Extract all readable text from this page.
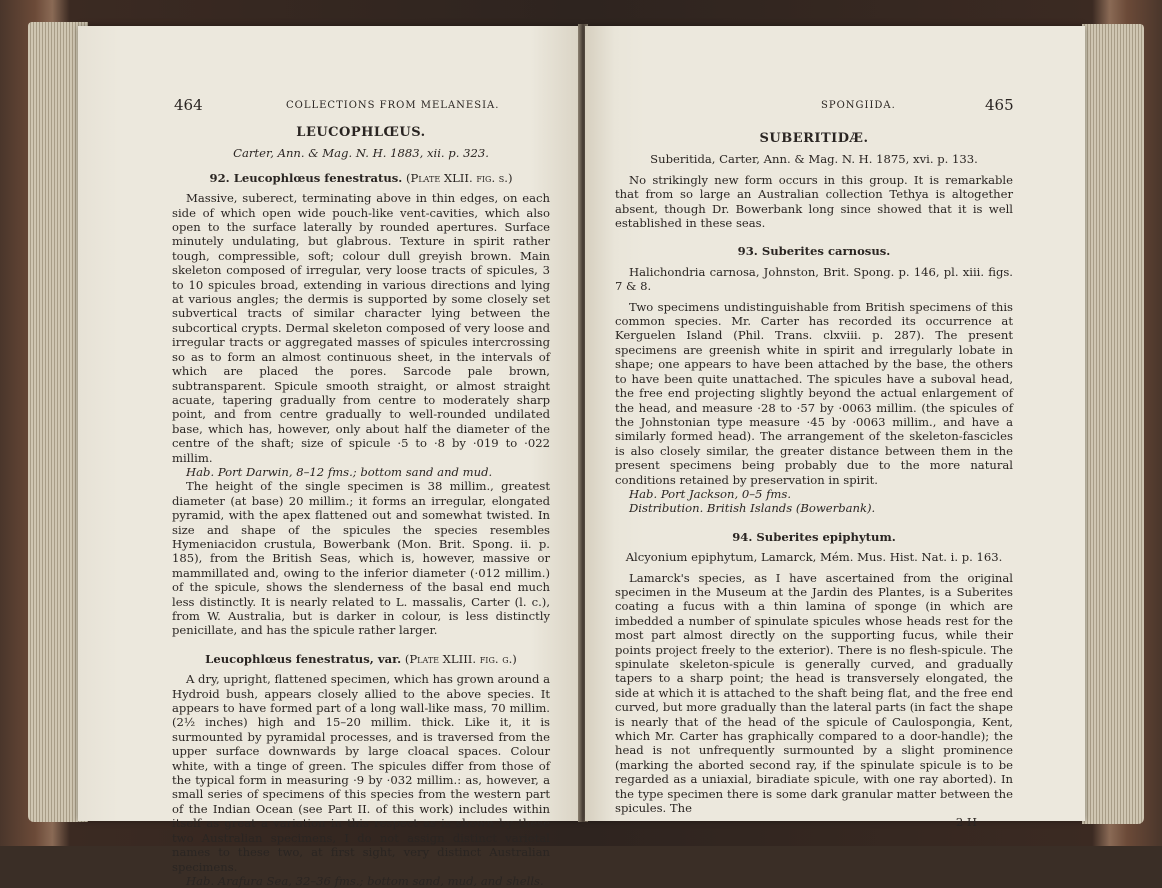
464	COLLECTIONS FROM MELANESIA.
LEUCOPHLŒUS.

Carter, Ann. & Mag. N. H. 1883, xii. p. 323.

92. Leucophlœus fenestratus. (Plate XLII. fig. s.)

Massive, suberect, terminating above in thin edges, on each side of which open wide pouch-like vent-cavities, which also open to the surface laterally by rounded apertures. Surface minutely undulating, but glabrous. Texture in spirit rather tough, compressible, soft; colour dull greyish brown. Main skeleton composed of irregular, very loose tracts of spicules, 3 to 10 spicules broad, extending in various directions and lying at various angles; the dermis is supported by some closely set subvertical tracts of similar character lying between the subcortical crypts. Dermal skeleton composed of very loose and irregular tracts or aggregated masses of spicules intercrossing so as to form an almost continuous sheet, in the intervals of which are placed the pores. Sarcode pale brown, subtransparent. Spicule smooth straight, or almost straight acuate, tapering gradually from centre to moderately sharp point, and from centre gradually to well-rounded undilated base, which has, however, only about half the diameter of the centre of the shaft; size of spicule ·5 to ·8 by ·019 to ·022 millim.

Hab. Port Darwin, 8–12 fms.; bottom sand and mud.

The height of the single specimen is 38 millim., greatest diameter (at base) 20 millim.; it forms an irregular, elongated pyramid, with the apex flattened out and somewhat twisted. In size and shape of the spicules the species resembles Hymeniacidon crustula, Bowerbank (Mon. Brit. Spong. ii. p. 185), from the British Seas, which is, however, massive or mammillated and, owing to the inferior diameter (·012 millim.) of the spicule, shows the slenderness of the basal end much less distinctly. It is nearly related to L. massalis, Carter (l. c.), from W. Australia, but is darker in colour, is less distinctly penicillate, and has the spicule rather larger.

Leucophlœus fenestratus, var. (Plate XLIII. fig. g.)

A dry, upright, flattened specimen, which has grown around a Hydroid bush, appears closely allied to the above species. It appears to have formed part of a long wall-like mass, 70 millim. (2½ inches) high and 15–20 millim. thick. Like it, it is surmounted by pyramidal processes, and is traversed from the upper surface downwards by large cloacal spaces. Colour white, with a tinge of green. The spicules differ from those of the typical form in measuring ·9 by ·032 millim.: as, however, a small series of specimens of this species from the western part of the Indian Ocean (see Part II. of this work) includes within itself as great a variation in this respect as is shown by these two Australian specimens, I do not assign distinct varietal names to these two, at first sight, very distinct Australian specimens.

Hab. Arafura Sea, 32–36 fms.; bottom sand, mud, and shells.

SPONGIIDA.	465
SUBERITIDÆ.

Suberitida, Carter, Ann. & Mag. N. H. 1875, xvi. p. 133.

No strikingly new form occurs in this group. It is remarkable that from so large an Australian collection Tethya is altogether absent, though Dr. Bowerbank long since showed that it is well established in these seas.

93. Suberites carnosus.

Halichondria carnosa, Johnston, Brit. Spong. p. 146, pl. xiii. figs. 7 & 8.

Two specimens undistinguishable from British specimens of this common species. Mr. Carter has recorded its occurrence at Kerguelen Island (Phil. Trans. clxviii. p. 287). The present specimens are greenish white in spirit and irregularly lobate in shape; one appears to have been attached by the base, the others to have been quite unattached. The spicules have a suboval head, the free end projecting slightly beyond the actual enlargement of the head, and measure ·28 to ·57 by ·0063 millim. (the spicules of the Johnstonian type measure ·45 by ·0063 millim., and have a similarly formed head). The arrangement of the skeleton-fascicles is also closely similar, the greater distance between them in the present specimens being probably due to the more natural conditions retained by preservation in spirit.

Hab. Port Jackson, 0–5 fms.

Distribution. British Islands (Bowerbank).

94. Suberites epiphytum.

Alcyonium epiphytum, Lamarck, Mém. Mus. Hist. Nat. i. p. 163.

Lamarck's species, as I have ascertained from the original specimen in the Museum at the Jardin des Plantes, is a Suberites coating a fucus with a thin lamina of sponge (in which are imbedded a number of spinulate spicules whose heads rest for the most part almost directly on the supporting fucus, while their points project freely to the exterior). There is no flesh-spicule. The spinulate skeleton-spicule is generally curved, and gradually tapers to a sharp point; the head is transversely elongated, the side at which it is attached to the shaft being flat, and the free end curved, but more gradually than the lateral parts (in fact the shape is nearly that of the head of the spicule of Caulospongia, Kent, which Mr. Carter has graphically compared to a door-handle); the head is not unfrequently surmounted by a slight prominence (marking the aborted second ray, if the spinulate spicule is to be regarded as a uniaxial, biradiate spicule, with one ray aborted). In the type specimen there is some dark granular matter between the spicules. The

2 H
